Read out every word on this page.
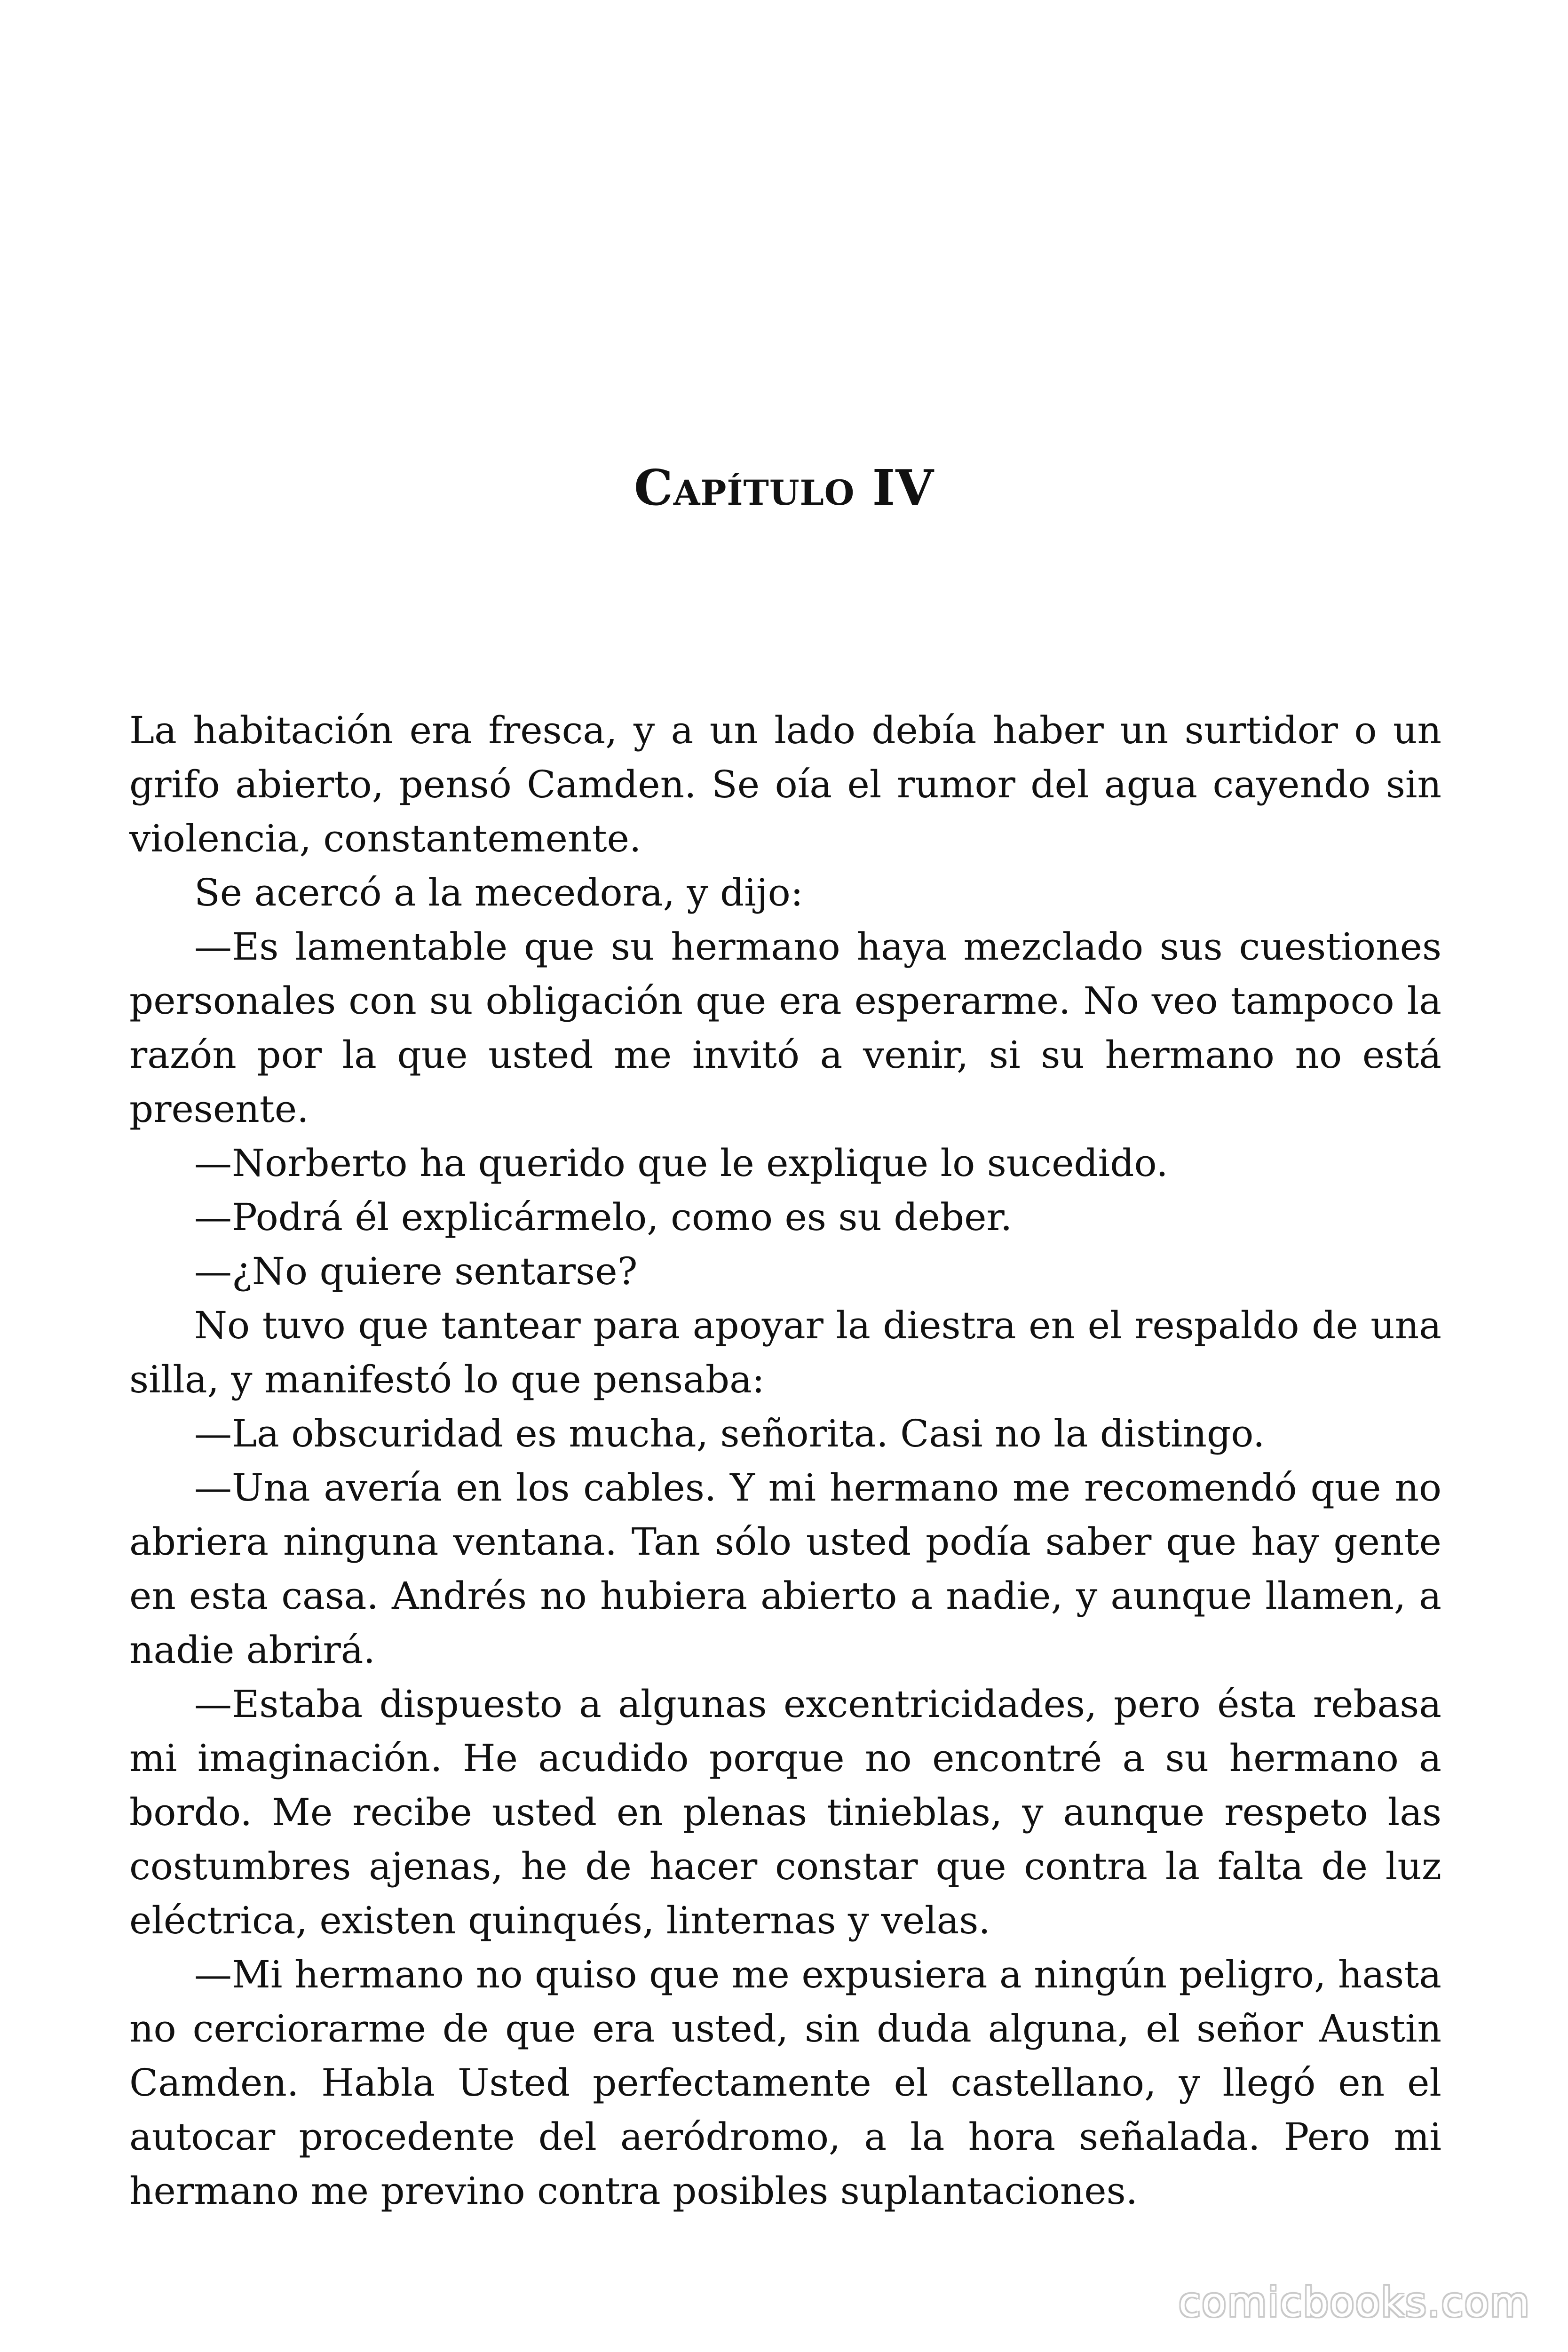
Capítulo IV

La habitación era fresca, y a un lado debía haber un surtidor o un grifo abierto, pensó Camden. Se oía el rumor del agua cayendo sin violencia, constantemente.

Se acercó a la mecedora, y dijo:

—Es lamentable que su hermano haya mezclado sus cuestiones personales con su obligación que era esperarme. No veo tampoco la razón por la que usted me invitó a venir, si su hermano no está presente.

—Norberto ha querido que le explique lo sucedido.

—Podrá él explicármelo, como es su deber.

—¿No quiere sentarse?

No tuvo que tantear para apoyar la diestra en el respaldo de una silla, y manifestó lo que pensaba:

—La obscuridad es mucha, señorita. Casi no la distingo.

—Una avería en los cables. Y mi hermano me recomendó que no abriera ninguna ventana. Tan sólo usted podía saber que hay gente en esta casa. Andrés no hubiera abierto a nadie, y aunque llamen, a nadie abrirá.

—Estaba dispuesto a algunas excentricidades, pero ésta rebasa mi imaginación. He acudido porque no encontré a su hermano a bordo. Me recibe usted en plenas tinieblas, y aunque respeto las costumbres ajenas, he de hacer constar que contra la falta de luz eléctrica, existen quinqués, linternas y velas.

—Mi hermano no quiso que me expusiera a ningún peligro, hasta no cerciorarme de que era usted, sin duda alguna, el señor Austin Camden. Habla Usted perfectamente el castellano, y llegó en el autocar procedente del aeródromo, a la hora señalada. Pero mi hermano me previno contra posibles suplantaciones.

comicbooks.com
